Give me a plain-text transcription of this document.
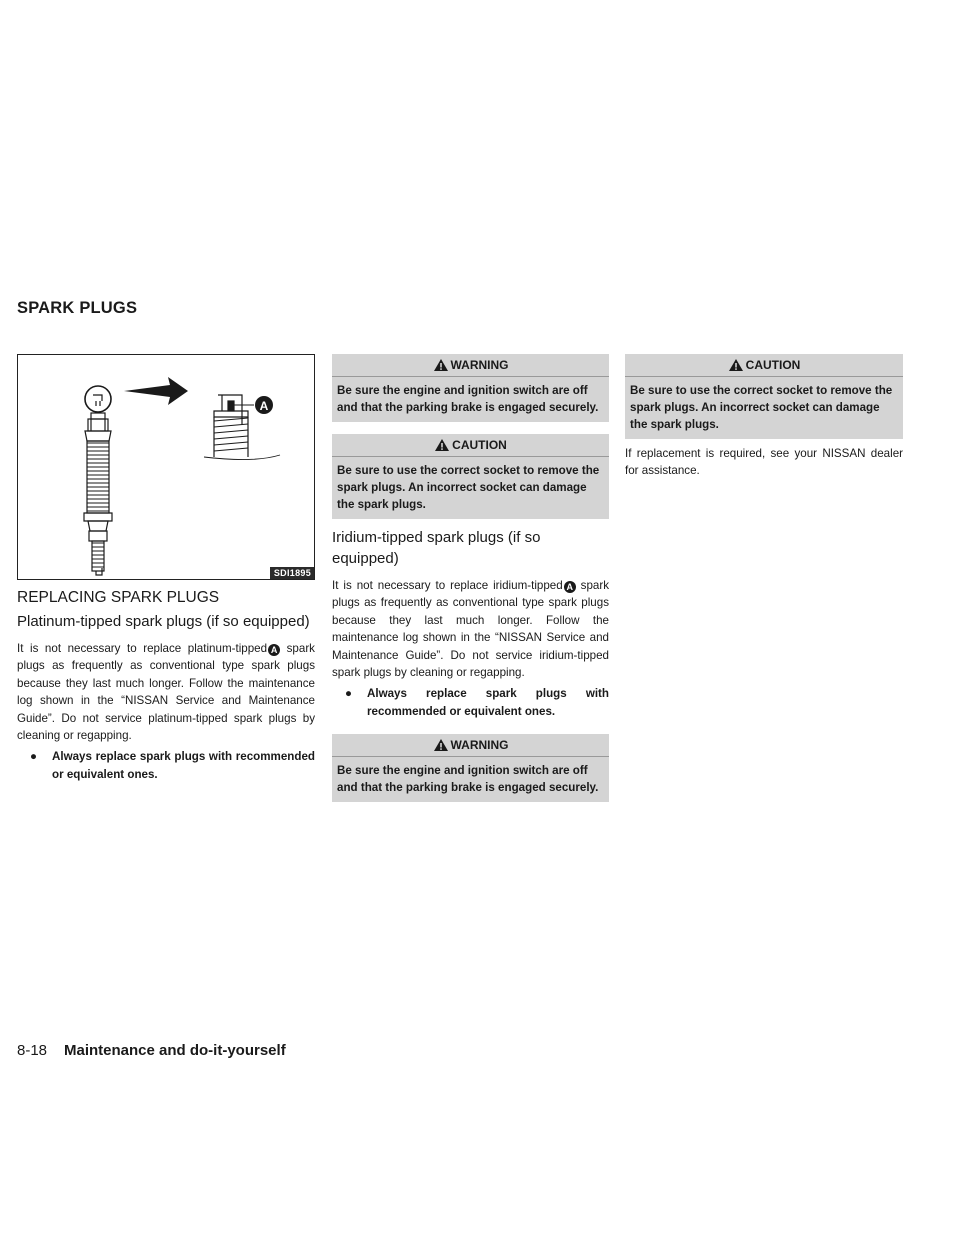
SPARK PLUGS
A
SDI1895
REPLACING SPARK PLUGS
Platinum-tipped spark plugs (if so equipped)

It is not necessary to replace platinum-tipped A spark plugs as frequently as conventional type spark plugs because they last much longer. Follow the maintenance log shown in the “NISSAN Service and Maintenance Guide”. Do not service platinum-tipped spark plugs by cleaning or regapping.

●	Always replace spark plugs with recommended or equivalent ones.
WARNING
Be sure the engine and ignition switch are off and that the parking brake is engaged securely.
CAUTION
Be sure to use the correct socket to remove the spark plugs. An incorrect socket can damage the spark plugs.
Iridium-tipped spark plugs (if so equipped)

It is not necessary to replace iridium-tipped A spark plugs as frequently as conventional type spark plugs because they last much longer. Follow the maintenance log shown in the “NISSAN Service and Maintenance Guide”. Do not service iridium-tipped spark plugs by cleaning or regapping.

●	Always replace spark plugs with recommended or equivalent ones.
WARNING
Be sure the engine and ignition switch are off and that the parking brake is engaged securely.
CAUTION
Be sure to use the correct socket to remove the spark plugs. An incorrect socket can damage the spark plugs.

If replacement is required, see your NISSAN dealer for assistance.

8-18 Maintenance and do-it-yourself
